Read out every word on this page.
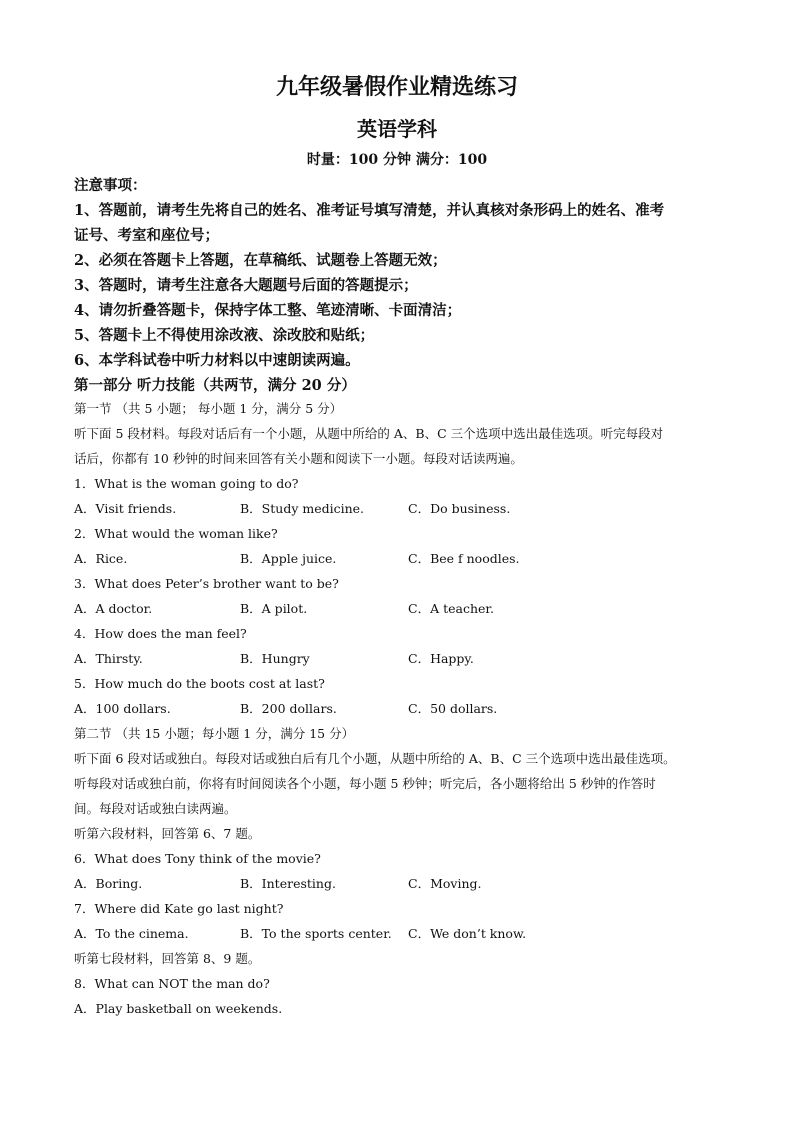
九年级暑假作业精选练习
英语学科
时量：100 分钟 满分：100
注意事项：
1、答题前，请考生先将自己的姓名、准考证号填写清楚，并认真核对条形码上的姓名、准考
证号、考室和座位号；
2、必须在答题卡上答题，在草稿纸、试题卷上答题无效；
3、答题时，请考生注意各大题题号后面的答题提示；
4、请勿折叠答题卡，保持字体工整、笔迹清晰、卡面清洁；
5、答题卡上不得使用涂改液、涂改胶和贴纸；
6、本学科试卷中听力材料以中速朗读两遍。
第一部分 听力技能（共两节，满分 20 分）
第一节 （共 5 小题； 每小题 1 分，满分 5 分）
听下面 5 段材料。每段对话后有一个小题，从题中所给的 A、B、C 三个选项中选出最佳选项。听完每段对
话后，你都有 10 秒钟的时间来回答有关小题和阅读下一小题。每段对话读两遍。
1．What is the woman going to do?
A．Visit friends.	B．Study medicine.	C．Do business.
2．What would the woman like?
A．Rice.	B．Apple juice.	C．Bee f noodles.
3．What does Peter’s brother want to be?
A．A doctor.	B．A pilot.	C．A teacher.
4．How does the man feel?
A．Thirsty.	B．Hungry	C．Happy.
5．How much do the boots cost at last?
A．100 dollars.	B．200 dollars.	C．50 dollars.
第二节 （共 15 小题；每小题 1 分，满分 15 分）
听下面 6 段对话或独白。每段对话或独白后有几个小题，从题中所给的 A、B、C 三个选项中选出最佳选项。
听每段对话或独白前，你将有时间阅读各个小题，每小题 5 秒钟；听完后，各小题将给出 5 秒钟的作答时
间。每段对话或独白读两遍。
听第六段材料，回答第 6、7 题。
6．What does Tony think of the movie?
A．Boring.	B．Interesting.	C．Moving.
7．Where did Kate go last night?
A．To the cinema.	B．To the sports center. C．We don’t know.
听第七段材料，回答第 8、9 题。
8．What can NOT the man do?
A．Play basketball on weekends.
